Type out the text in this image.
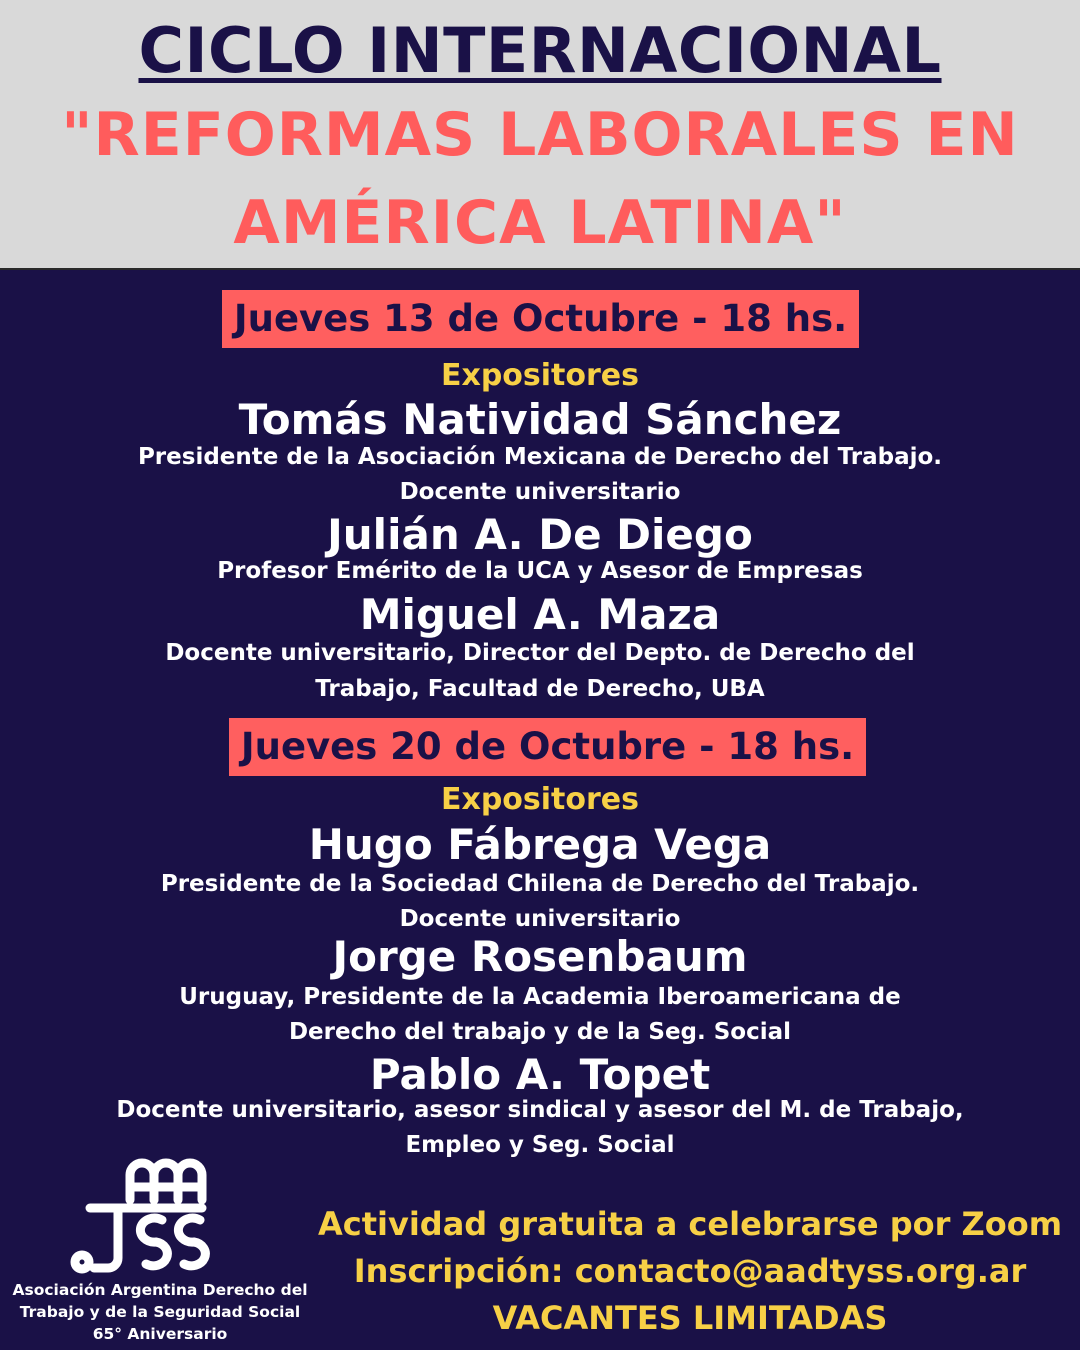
CICLO INTERNACIONAL
"REFORMAS LABORALES EN
AMÉRICA LATINA"
Jueves 13 de Octubre - 18 hs.
Expositores
Tomás Natividad Sánchez
Presidente de la Asociación Mexicana de Derecho del Trabajo.
Docente universitario
Julián A. De Diego
Profesor Emérito de la UCA y Asesor de Empresas
Miguel A. Maza
Docente universitario, Director del Depto. de Derecho del
Trabajo, Facultad de Derecho, UBA
Jueves 20 de Octubre - 18 hs.
Expositores
Hugo Fábrega Vega
Presidente de la Sociedad Chilena de Derecho del Trabajo.
Docente universitario
Jorge Rosenbaum
Uruguay, Presidente de la Academia Iberoamericana de
Derecho del trabajo y de la Seg. Social
Pablo A. Topet
Docente universitario, asesor sindical y asesor del M. de Trabajo,
Empleo y Seg. Social
Asociación Argentina Derecho del
Trabajo y de la Seguridad Social
65° Aniversario
Actividad gratuita a celebrarse por Zoom
Inscripción: contacto@aadtyss.org.ar
VACANTES LIMITADAS
